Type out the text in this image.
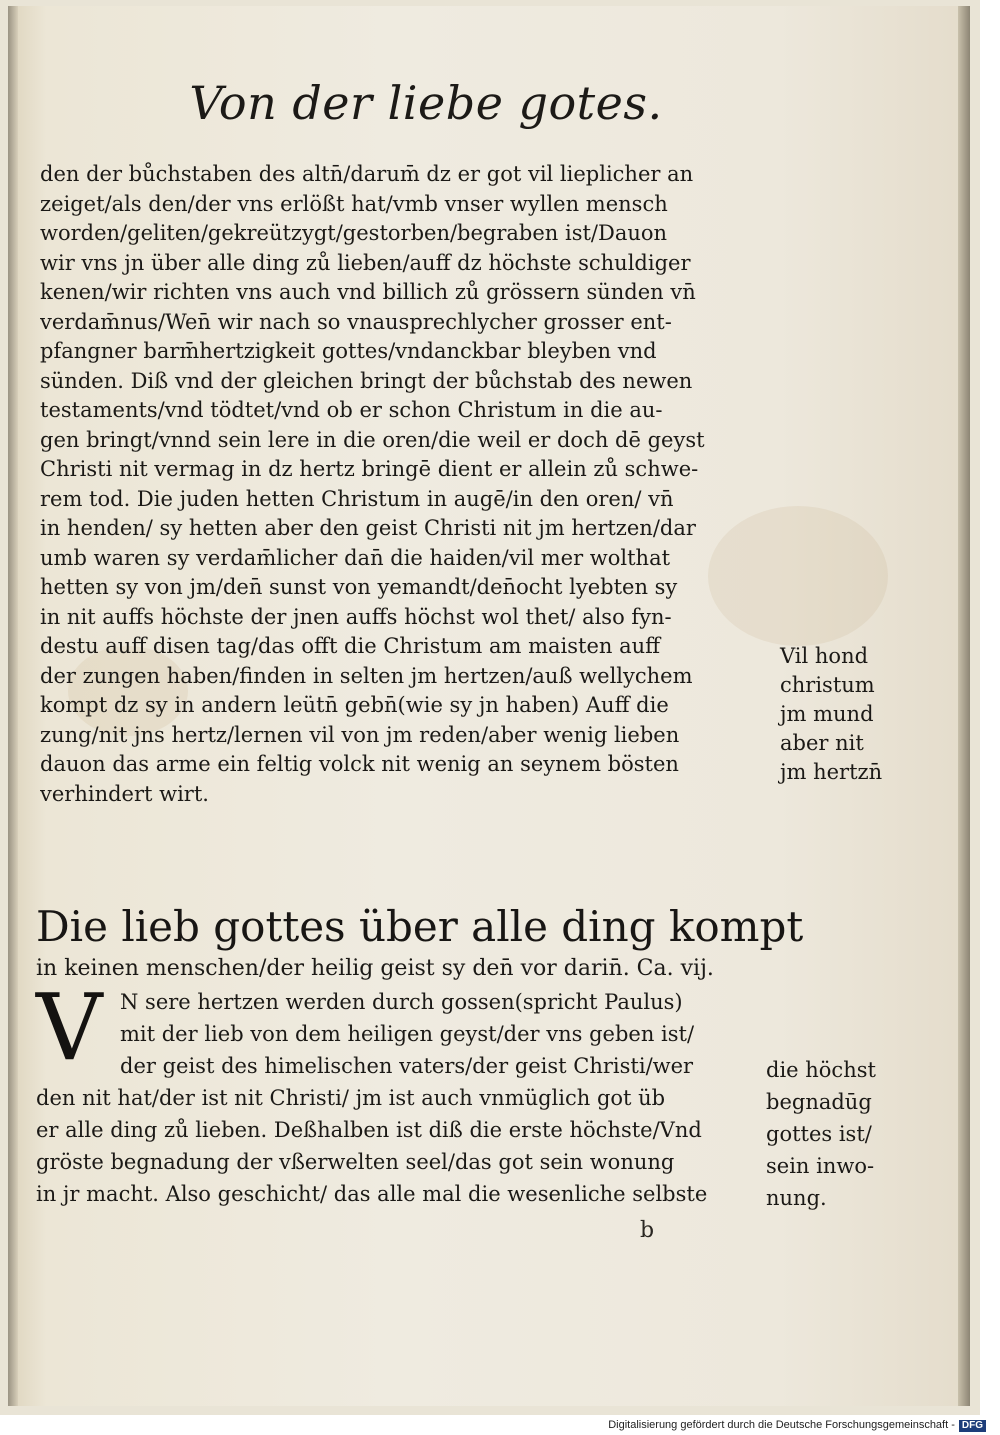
Von der liebe gotes.
den der bůchstaben des altn̄/darum̄ dz er got vil lieplicher an
zeiget/als den/der vns erlößt hat/vmb vnser wyllen mensch
worden/geliten/gekreützygt/gestorben/begraben ist/Dauon
wir vns jn über alle ding zů lieben/auff dz höchste schuldiger
kenen/wir richten vns auch vnd billich zů grössern sünden vn̄
verdam̄nus/Wen̄ wir nach so vnausprechlycher grosser ent-
pfangner barm̄hertzigkeit gottes/vndanckbar bleyben vnd
sünden. Diß vnd der gleichen bringt der bůchstab des newen
testaments/vnd tödtet/vnd ob er schon Christum in die au-
gen bringt/vnnd sein lere in die oren/die weil er doch dē geyst
Christi nit vermag in dz hertz bringē dient er allein zů schwe-
rem tod. Die juden hetten Christum in augē/in den oren/ vn̄
in henden/ sy hetten aber den geist Christi nit jm hertzen/dar
umb waren sy verdam̄licher dan̄ die haiden/vil mer wolthat
hetten sy von jm/den̄ sunst von yemandt/den̄ocht lyebten sy
in nit auffs höchste der jnen auffs höchst wol thet/ also fyn-
destu auff disen tag/das offt die Christum am maisten auff
der zungen haben/finden in selten jm hertzen/auß wellychem
kompt dz sy in andern leütn̄ gebn̄(wie sy jn haben) Auff die
zung/nit jns hertz/lernen vil von jm reden/aber wenig lieben
dauon das arme ein feltig volck nit wenig an seynem bösten
verhindert wirt.
Vil hond
christum
jm mund
aber nit
jm hertzn̄
Die lieb gottes über alle ding kompt
in keinen menschen/der heilig geist sy den̄ vor darin̄. Ca. vij.
V N sere hertzen werden durch gossen(spricht Paulus)
mit der lieb von dem heiligen geyst/der vns geben ist/
der geist des himelischen vaters/der geist Christi/wer
den nit hat/der ist nit Christi/ jm ist auch vnmüglich got üb
er alle ding zů lieben. Deßhalben ist diß die erste höchste/Vnd
gröste begnadung der vßerwelten seel/das got sein wonung
in jr macht. Also geschicht/ das alle mal die wesenliche selbste
die höchst
begnadūg
gottes ist/
sein inwo-
nung.
b
Digitalisierung gefördert durch die Deutsche Forschungsgemeinschaft - DFG
